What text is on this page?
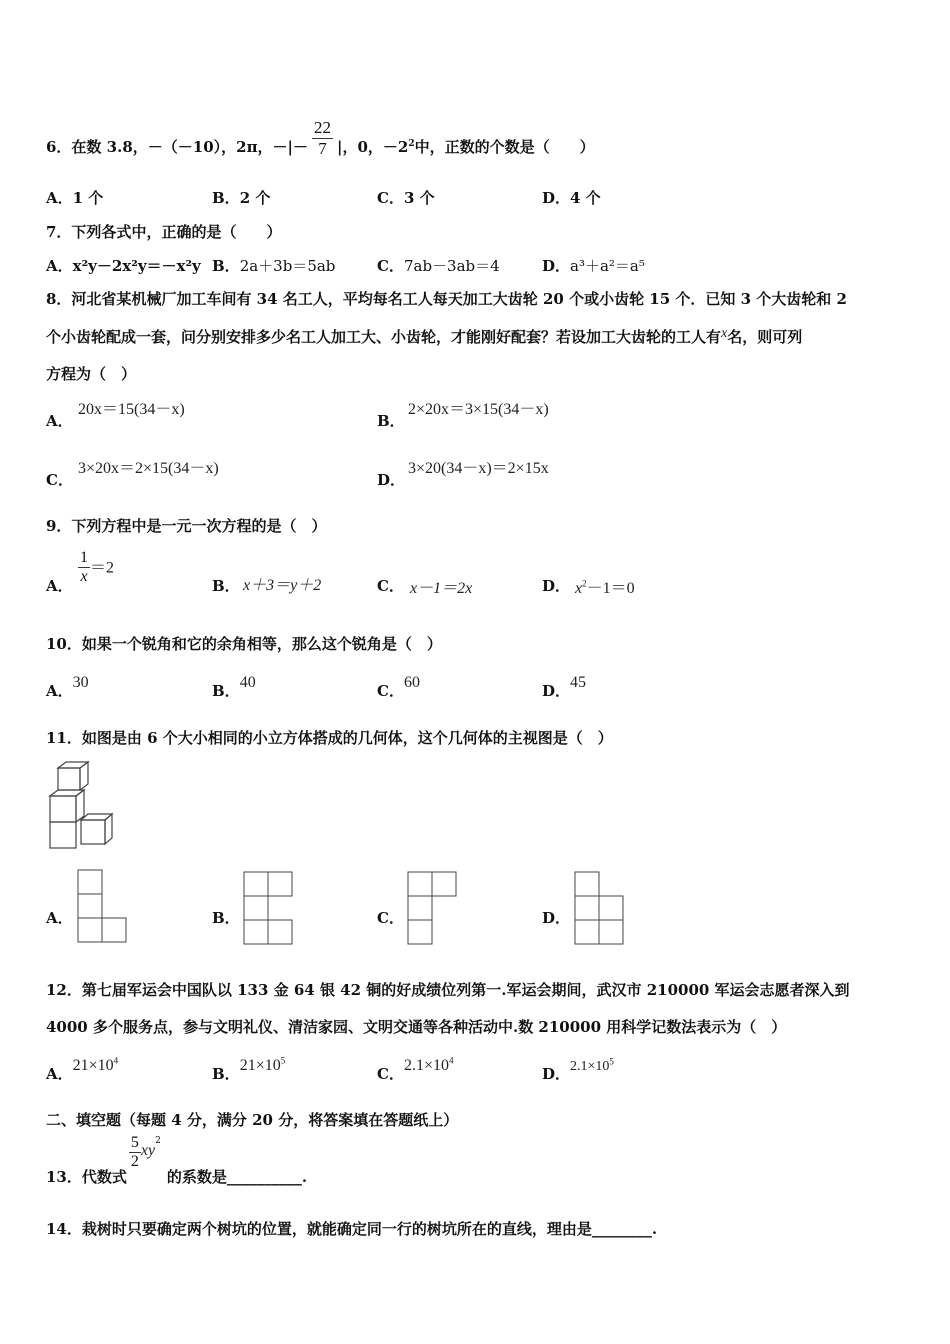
6．在数 3.8，－（－10），2π，－|－ $\frac{22}{7}$ |，0，$-2^2$中，正数的个数是（　　）
A．1 个	B．2 个	C．3 个	D．4 个
7．下列各式中，正确的是（　　）
A．x²y－2x²y＝－x²y B．2a＋3b＝5ab	C．7ab－3ab＝4	D．a³＋a²＝a⁵
8．河北省某机械厂加工车间有 34 名工人，平均每名工人每天加工大齿轮 20 个或小齿轮 15 个．已知 3 个大齿轮和 2
个小齿轮配成一套，问分别安排多少名工人加工大、小齿轮，才能刚好配套？若设加工大齿轮的工人有x名，则可列
方程为（　）
A．
20x＝15(34－x)
B．
2×20x＝3×15(34－x)
C．
3×20x＝2×15(34－x)
D．
3×20(34－x)＝2×15x
9．下列方程中是一元一次方程的是（　）
A． $\frac{1}{x} =2$
B． x＋3＝y＋2	C． x－1＝2x	D． $x^2-1=0$
10．如果一个锐角和它的余角相等，那么这个锐角是（　）
A．30	B．40	C．60	D．45
11．如图是由 6 个大小相同的小立方体搭成的几何体，这个几何体的主视图是（　）
A．	B．	C．	D．
12．第七届军运会中国队以 133 金 64 银 42 铜的好成绩位列第一.军运会期间，武汉市 210000 军运会志愿者深入到
4000 多个服务点，参与文明礼仪、清洁家园、文明交通等各种活动中.数 210000 用科学记数法表示为（　）
A．$21\times 10^4$
B．$21\times 10^5$
C．$2.1\times 10^4$
D．$2.1\times 10^5$
二、填空题（每题 4 分，满分 20 分，将答案填在答题纸上）
13．代数式
$\frac{5}{2} xy^2$的系数是__________.
14．栽树时只要确定两个树坑的位置，就能确定同一行的树坑所在的直线，理由是________.
